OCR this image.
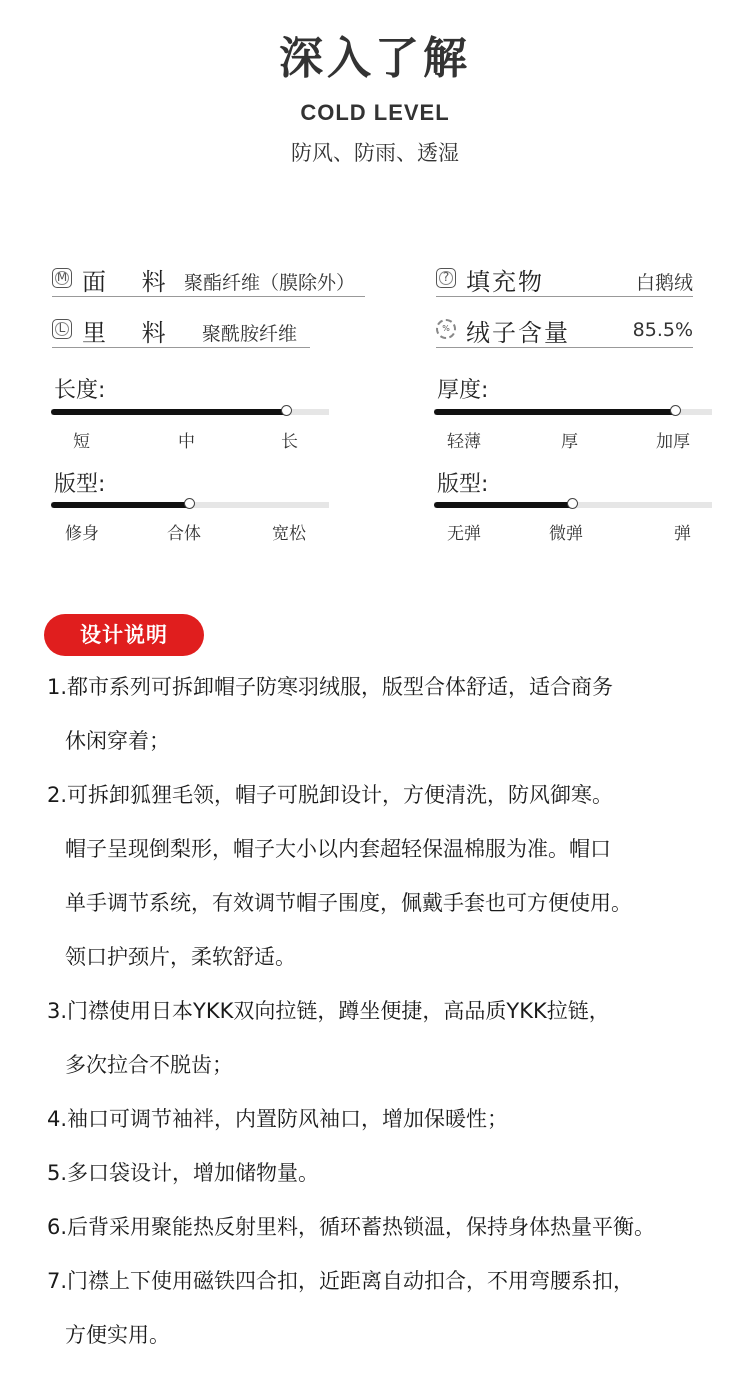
深入了解
COLD LEVEL
防风、防雨、透湿
M 面 料 聚酯纤维（膜除外）	? 填充物	白鹅绒
L 里 料 聚酰胺纤维	% 绒子含量	85.5%
长度:
短	中	长
厚度:
轻薄	厚	加厚
版型:
修身	合体	宽松
版型:
无弹	微弹	弹
设计说明
1.都市系列可拆卸帽子防寒羽绒服，版型合体舒适，适合商务
休闲穿着；
2.可拆卸狐狸毛领，帽子可脱卸设计，方便清洗，防风御寒。
帽子呈现倒梨形，帽子大小以内套超轻保温棉服为准。帽口
单手调节系统，有效调节帽子围度，佩戴手套也可方便使用。
领口护颈片，柔软舒适。
3.门襟使用日本YKK双向拉链，蹲坐便捷，高品质YKK拉链，
多次拉合不脱齿；
4.袖口可调节袖袢，内置防风袖口，增加保暖性；
5.多口袋设计，增加储物量。
6.后背采用聚能热反射里料，循环蓄热锁温，保持身体热量平衡。
7.门襟上下使用磁铁四合扣，近距离自动扣合，不用弯腰系扣，
方便实用。
